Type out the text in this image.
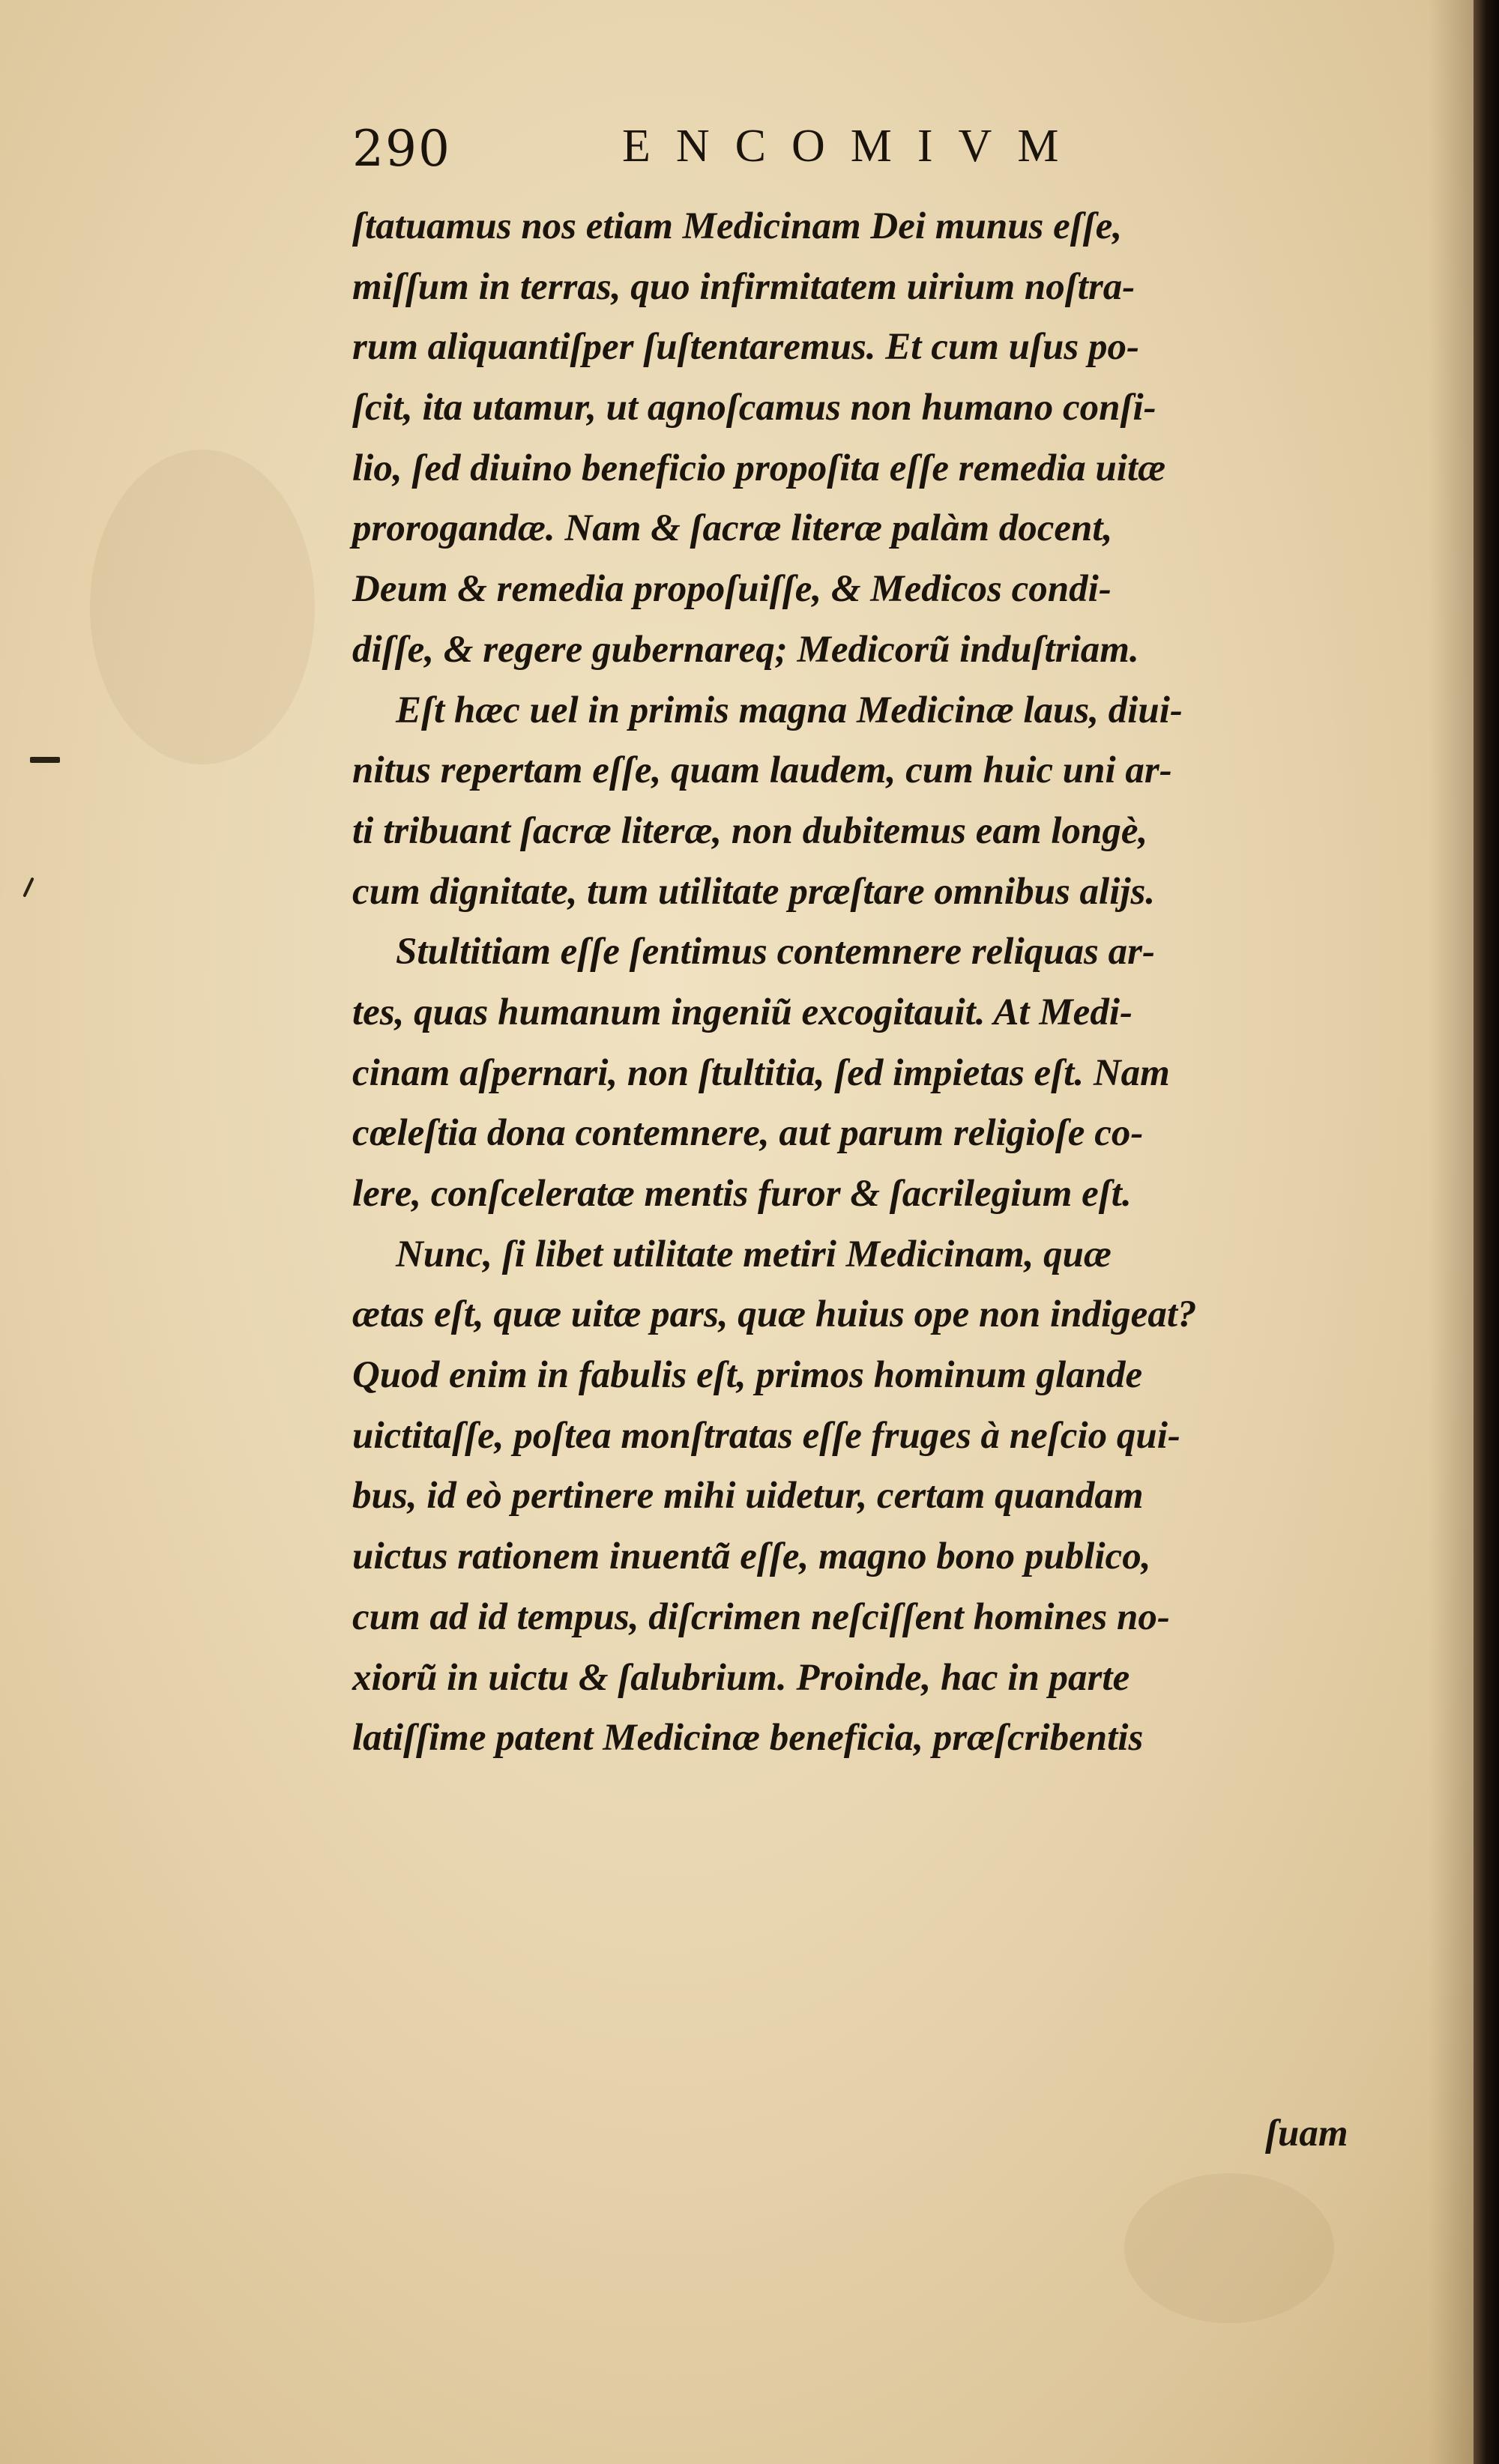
290	ENCOMIVM
ſtatuamus nos etiam Medicinam Dei munus eſſe,
miſſum in terras, quo infirmitatem uirium noſtra-
rum aliquantiſper ſuſtentaremus. Et cum uſus po-
ſcit, ita utamur, ut agnoſcamus non humano conſi-
lio, ſed diuino beneficio propoſita eſſe remedia uitæ
prorogandæ. Nam & ſacræ literæ palàm docent,
Deum & remedia propoſuiſſe, & Medicos condi-
diſſe, & regere gubernareq; Medicorũ induſtriam.
Eſt hæc uel in primis magna Medicinæ laus, diui-
nitus repertam eſſe, quam laudem, cum huic uni ar-
ti tribuant ſacræ literæ, non dubitemus eam longè,
cum dignitate, tum utilitate præſtare omnibus alijs.
Stultitiam eſſe ſentimus contemnere reliquas ar-
tes, quas humanum ingeniũ excogitauit. At Medi-
cinam aſpernari, non ſtultitia, ſed impietas eſt. Nam
cœleſtia dona contemnere, aut parum religioſe co-
lere, conſceleratæ mentis furor & ſacrilegium eſt.
Nunc, ſi libet utilitate metiri Medicinam, quæ
ætas eſt, quæ uitæ pars, quæ huius ope non indigeat?
Quod enim in fabulis eſt, primos hominum glande
uictitaſſe, poſtea monſtratas eſſe fruges à neſcio qui-
bus, id eò pertinere mihi uidetur, certam quandam
uictus rationem inuentã eſſe, magno bono publico,
cum ad id tempus, diſcrimen neſciſſent homines no-
xiorũ in uictu & ſalubrium. Proinde, hac in parte
latiſſime patent Medicinæ beneficia, præſcribentis
ſuam
